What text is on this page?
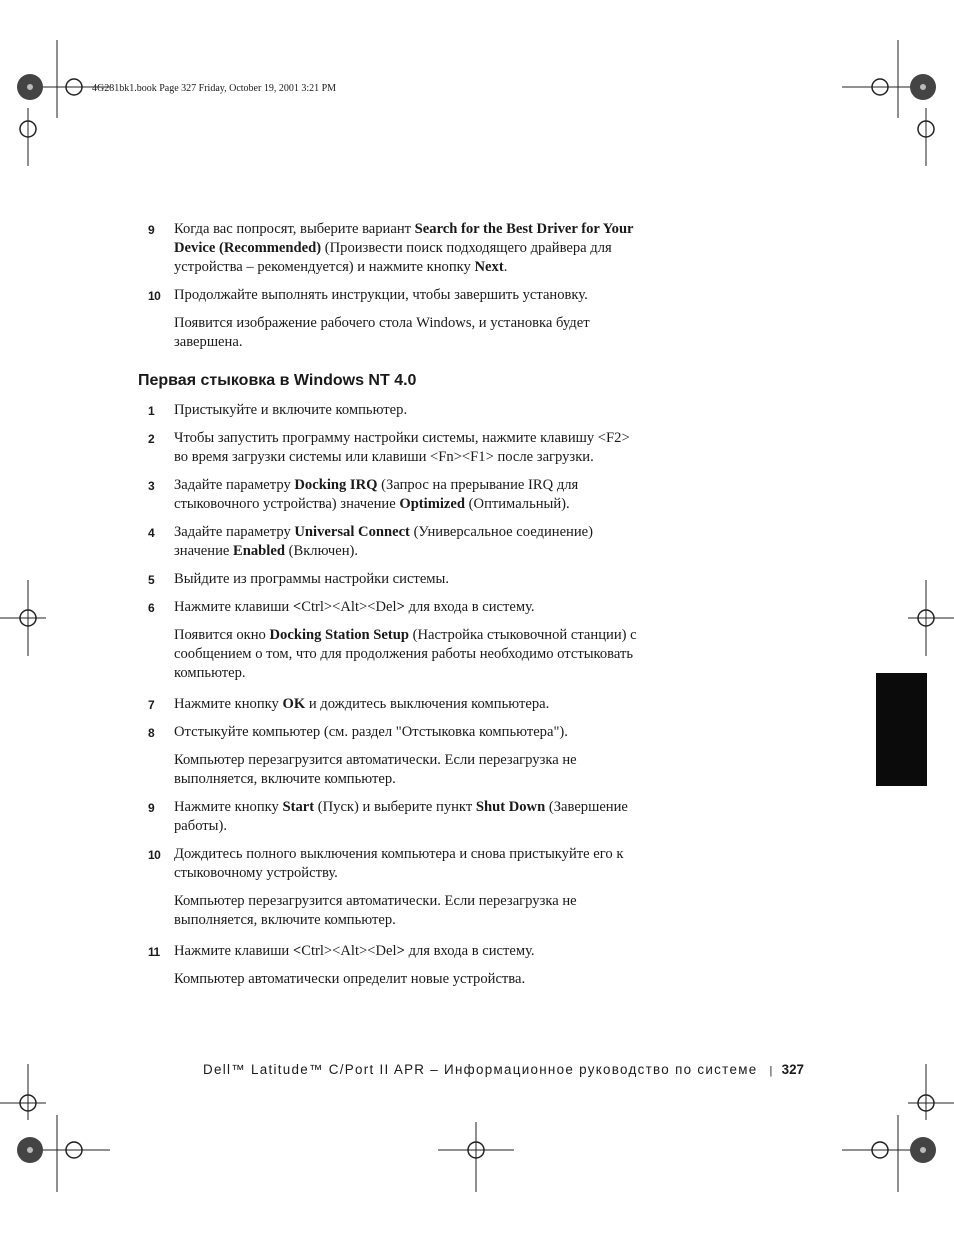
4G281bk1.book Page 327 Friday, October 19, 2001 3:21 PM
9 Когда вас попросят, выберите вариант Search for the Best Driver for Your Device (Recommended) (Произвести поиск подходящего драйвера для устройства – рекомендуется) и нажмите кнопку Next.
10 Продолжайте выполнять инструкции, чтобы завершить установку.
Появится изображение рабочего стола Windows, и установка будет завершена.
Первая стыковка в Windows NT 4.0
1 Пристыкуйте и включите компьютер.
2 Чтобы запустить программу настройки системы, нажмите клавишу <F2> во время загрузки системы или клавиши <Fn><F1> после загрузки.
3 Задайте параметру Docking IRQ (Запрос на прерывание IRQ для стыковочного устройства) значение Optimized (Оптимальный).
4 Задайте параметру Universal Connect (Универсальное соединение) значение Enabled (Включен).
5 Выйдите из программы настройки системы.
6 Нажмите клавиши <Ctrl><Alt><Del> для входа в систему.
Появится окно Docking Station Setup (Настройка стыковочной станции) с сообщением о том, что для продолжения работы необходимо отстыковать компьютер.
7 Нажмите кнопку OK и дождитесь выключения компьютера.
8 Отстыкуйте компьютер (см. раздел "Отстыковка компьютера").
Компьютер перезагрузится автоматически. Если перезагрузка не выполняется, включите компьютер.
9 Нажмите кнопку Start (Пуск) и выберите пункт Shut Down (Завершение работы).
10 Дождитесь полного выключения компьютера и снова пристыкуйте его к стыковочному устройству.
Компьютер перезагрузится автоматически. Если перезагрузка не выполняется, включите компьютер.
11 Нажмите клавиши <Ctrl><Alt><Del> для входа в систему.
Компьютер автоматически определит новые устройства.
Dell™ Latitude™ C/Port II APR – Информационное руководство по системе | 327
